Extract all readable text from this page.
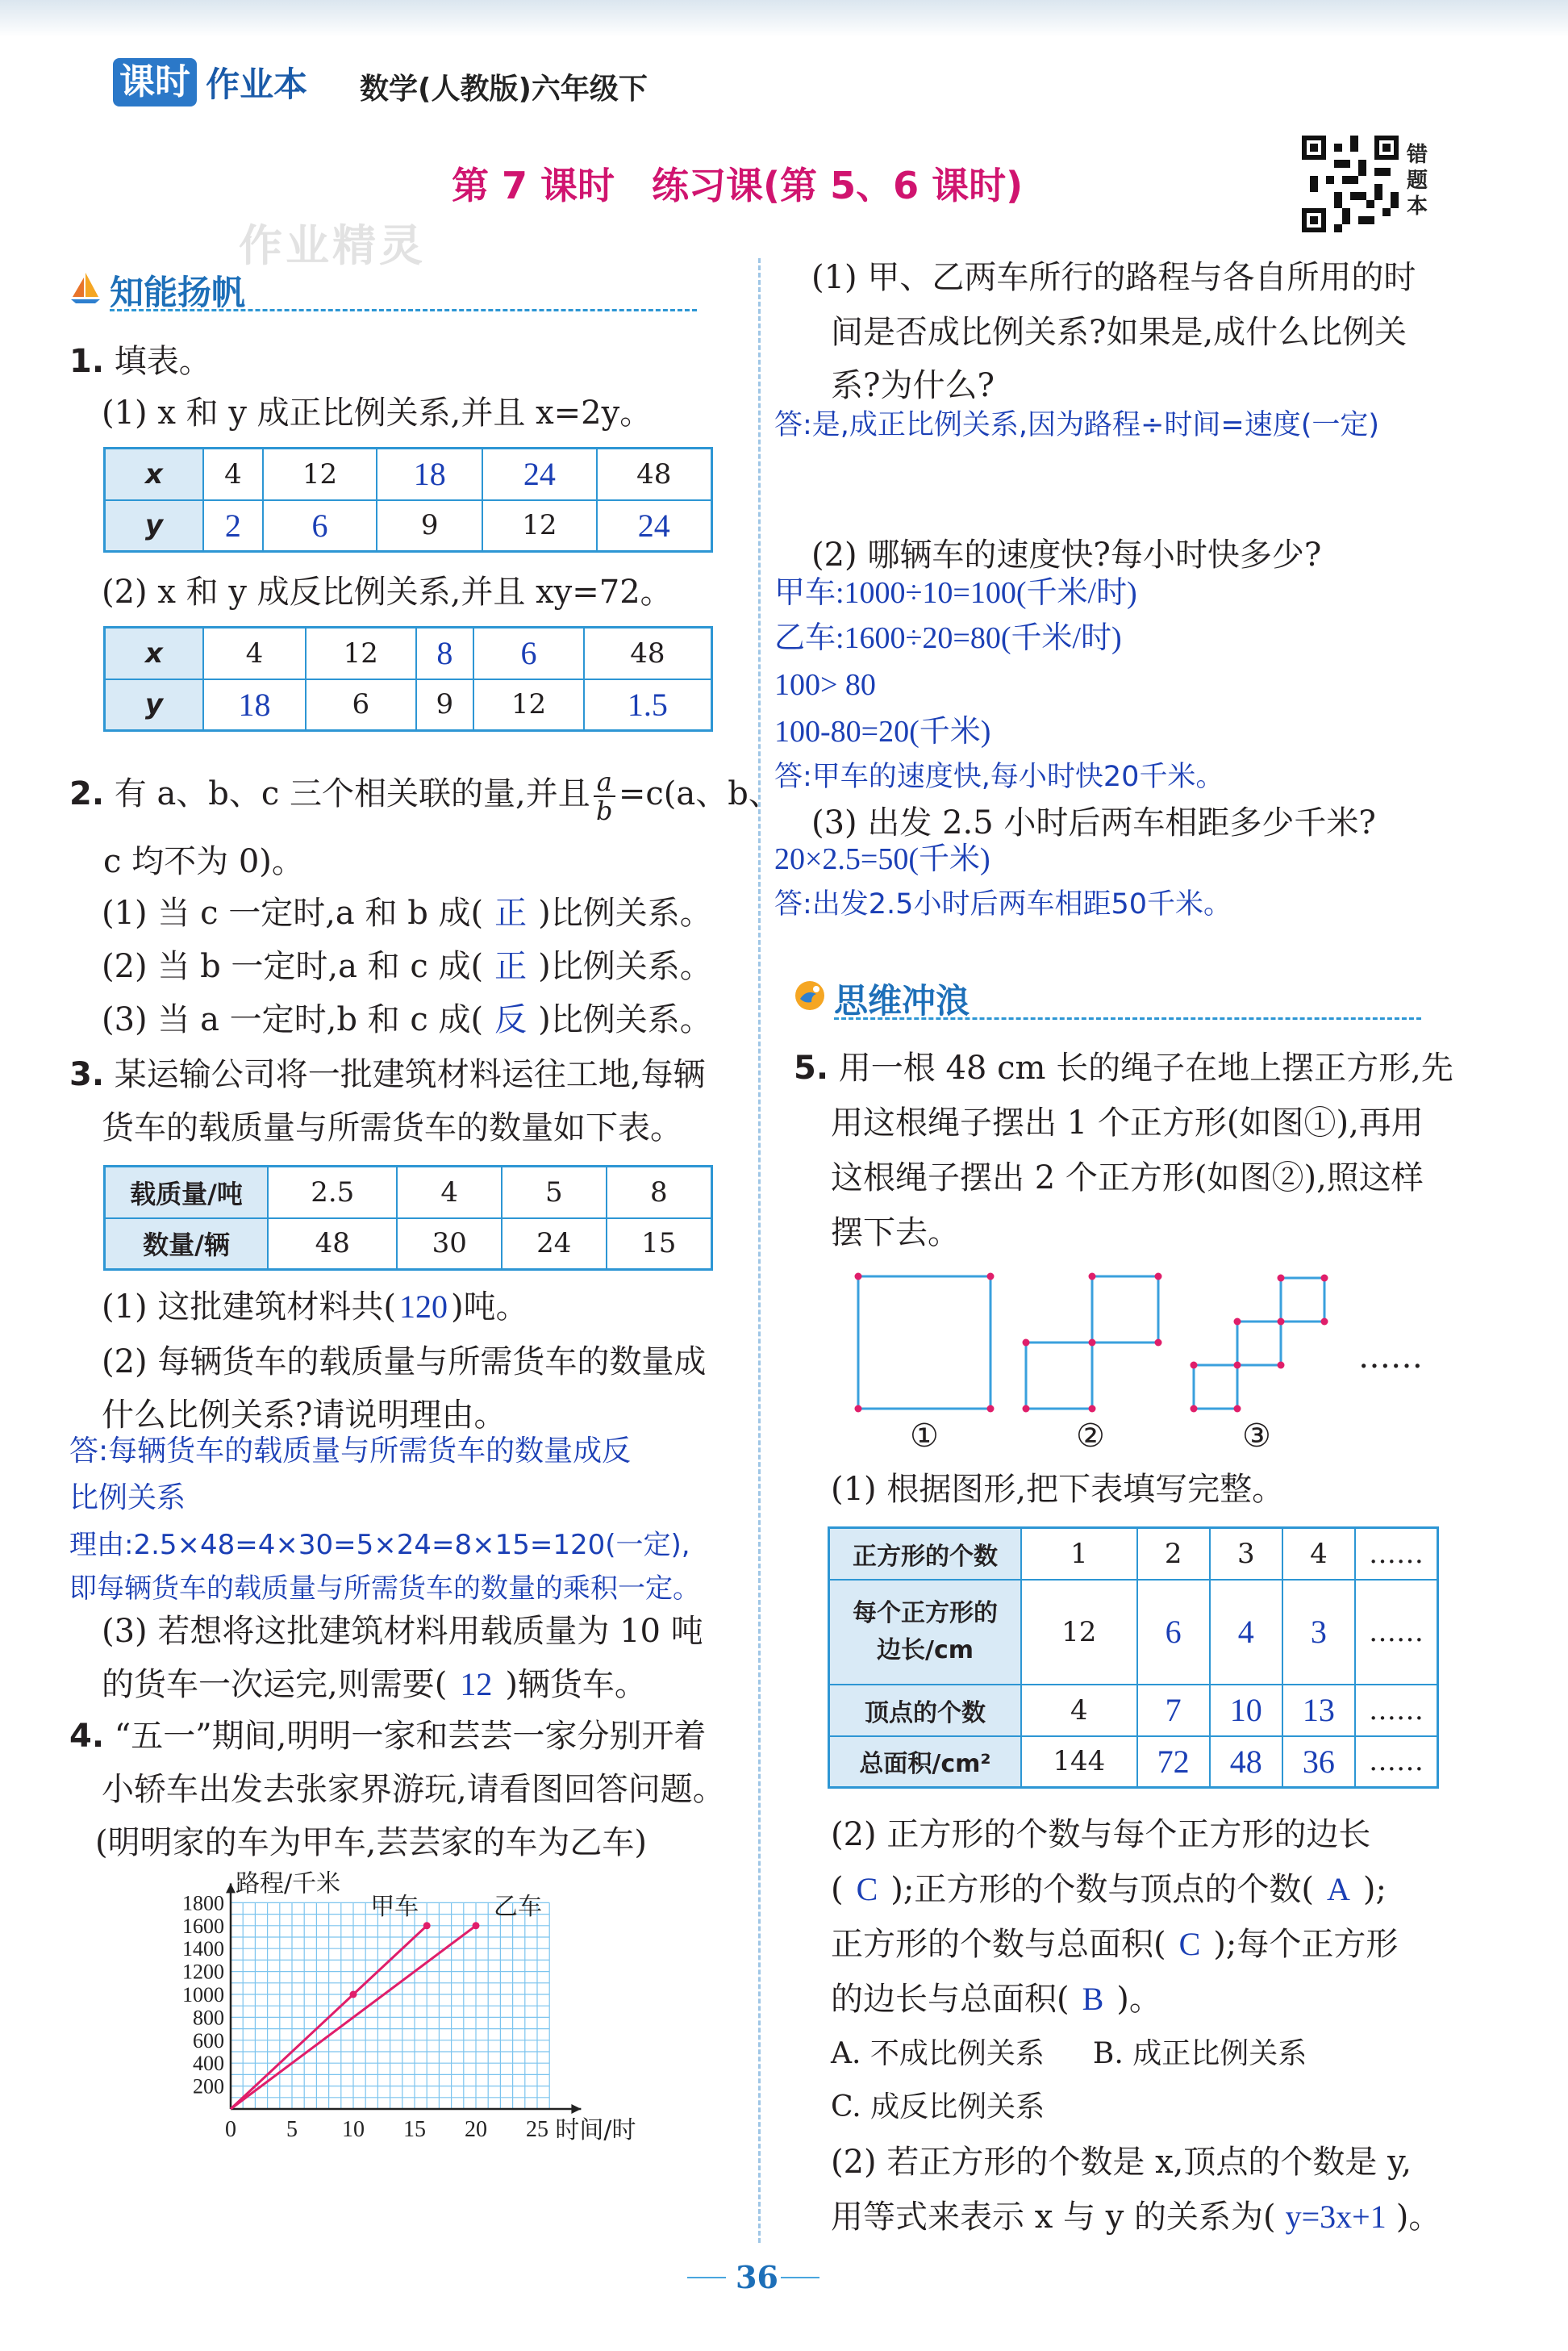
课时 作业本 数学(人教版)六年级下
第 7 课时　练习课(第 5、6 课时)
错题本
作业精灵
知能扬帆
1. 填表。
(1) x 和 y 成正比例关系,并且 x=2y。
x	4	12	18	24	48
y	2	6	9	12	24
(2) x 和 y 成反比例关系,并且 xy=72。
x	4	12	8	6	48
y	18	6	9	12	1.5
2. 有 a、b、c 三个相关联的量,并且 $\frac{a}{b} =c(a$、b、
c 均不为 0)。
(1) 当 c 一定时,a 和 b 成( 正 )比例关系。
(2) 当 b 一定时,a 和 c 成( 正 )比例关系。
(3) 当 a 一定时,b 和 c 成( 反 )比例关系。
3. 某运输公司将一批建筑材料运往工地,每辆
货车的载质量与所需货车的数量如下表。
载质量/吨	2.5	4	5	8
数量/辆	48	30	24	15
(1) 这批建筑材料共( 120 )吨。
(2) 每辆货车的载质量与所需货车的数量成
什么比例关系?请说明理由。
答:每辆货车的载质量与所需货车的数量成反
比例关系
理由:2.5×48=4×30=5×24=8×15=120(一定),
即每辆货车的载质量与所需货车的数量的乘积一定。
(3) 若想将这批建筑材料用载质量为 10 吨
的货车一次运完,则需要( 12 )辆货车。
4. “五一”期间,明明一家和芸芸一家分别开着
小轿车出发去张家界游玩,请看图回答问题。
(明明家的车为甲车,芸芸家的车为乙车)
0 5 10 15 20 25
200
400
600
800
1000
1200
1400
1600
1800
路程/千米
时间/时
甲车	乙车
(1) 甲、乙两车所行的路程与各自所用的时
间是否成比例关系?如果是,成什么比例关
系?为什么?
答:是,成正比例关系,因为路程÷时间=速度(一定)
(2) 哪辆车的速度快?每小时快多少?
甲车:1000÷10=100(千米/时)
乙车:1600÷20=80(千米/时)
100> 80
100-80=20(千米)
答:甲车的速度快,每小时快20千米。
(3) 出发 2.5 小时后两车相距多少千米?
20×2.5=50(千米)
答:出发2.5小时后两车相距50千米。
思维冲浪
5. 用一根 48 cm 长的绳子在地上摆正方形,先
用这根绳子摆出 1 个正方形(如图①),再用
这根绳子摆出 2 个正方形(如图②),照这样
摆下去。
……
①	②	③
(1) 根据图形,把下表填写完整。
正方形的个数	1	2	3	4	……
每个正方形的
边长/cm	12	6	4	3	……
顶点的个数	4	7	10	13	……
总面积/cm²	144	72	48	36	……
(2) 正方形的个数与每个正方形的边长
( C );正方形的个数与顶点的个数( A );
正方形的个数与总面积( C );每个正方形
的边长与总面积( B )。
A. 不成比例关系 B. 成正比例关系
C. 成反比例关系
(2) 若正方形的个数是 x,顶点的个数是 y,
用等式来表示 x 与 y 的关系为( y=3x+1 )。
36
